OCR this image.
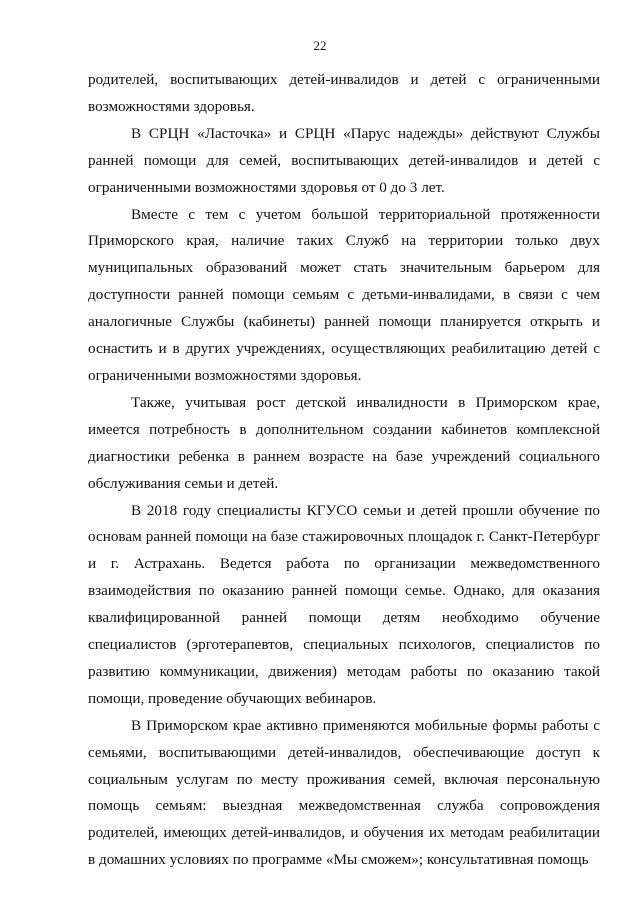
22

родителей, воспитывающих детей-инвалидов и детей с ограниченными возможностями здоровья.

В СРЦН «Ласточка» и СРЦН «Парус надежды» действуют Службы ранней помощи для семей, воспитывающих детей-инвалидов и детей с ограниченными возможностями здоровья от 0 до 3 лет.

Вместе с тем с учетом большой территориальной протяженности Приморского края, наличие таких Служб на территории только двух муниципальных образований может стать значительным барьером для доступности ранней помощи семьям с детьми-инвалидами, в связи с чем аналогичные Службы (кабинеты) ранней помощи планируется открыть и оснастить и в других учреждениях, осуществляющих реабилитацию детей с ограниченными возможностями здоровья.

Также, учитывая рост детской инвалидности в Приморском крае, имеется потребность в дополнительном создании кабинетов комплексной диагностики ребенка в раннем возрасте на базе учреждений социального обслуживания семьи и детей.

В 2018 году специалисты КГУСО семьи и детей прошли обучение по основам ранней помощи на базе стажировочных площадок г. Санкт-Петербург и г. Астрахань. Ведется работа по организации межведомственного взаимодействия по оказанию ранней помощи семье. Однако, для оказания квалифицированной ранней помощи детям необходимо обучение специалистов (эрготерапевтов, специальных психологов, специалистов по развитию коммуникации, движения) методам работы по оказанию такой помощи, проведение обучающих вебинаров.

В Приморском крае активно применяются мобильные формы работы с семьями, воспитывающими детей-инвалидов, обеспечивающие доступ к социальным услугам по месту проживания семей, включая персональную помощь семьям: выездная межведомственная служба сопровождения родителей, имеющих детей-инвалидов, и обучения их методам реабилитации в домашних условиях по программе «Мы сможем»; консультативная помощь
